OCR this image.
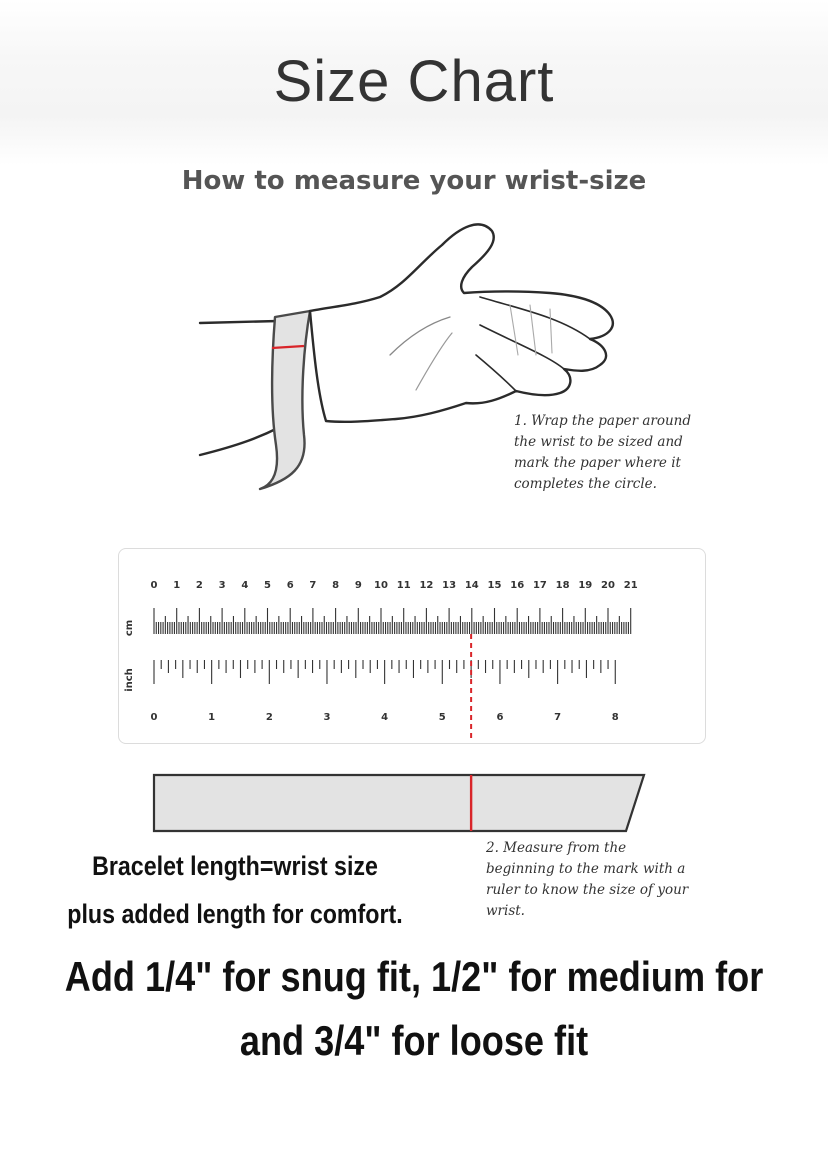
Size Chart
How to measure your wrist-size
1. Wrap the paper around
the wrist to be sized and
mark the paper where it
completes the circle.
cm
inch
0 1 2 3 4 5 6 7 8 9 10 11 12 13 14 15 16 17 18 19 20 21
0	1	2	3	4	5	6	7	8
2. Measure from the
beginning to the mark with a
ruler to know the size of your
wrist.
Bracelet length=wrist size
plus added length for comfort.
Add 1/4" for snug fit, 1/2" for medium for
and 3/4" for loose fit
